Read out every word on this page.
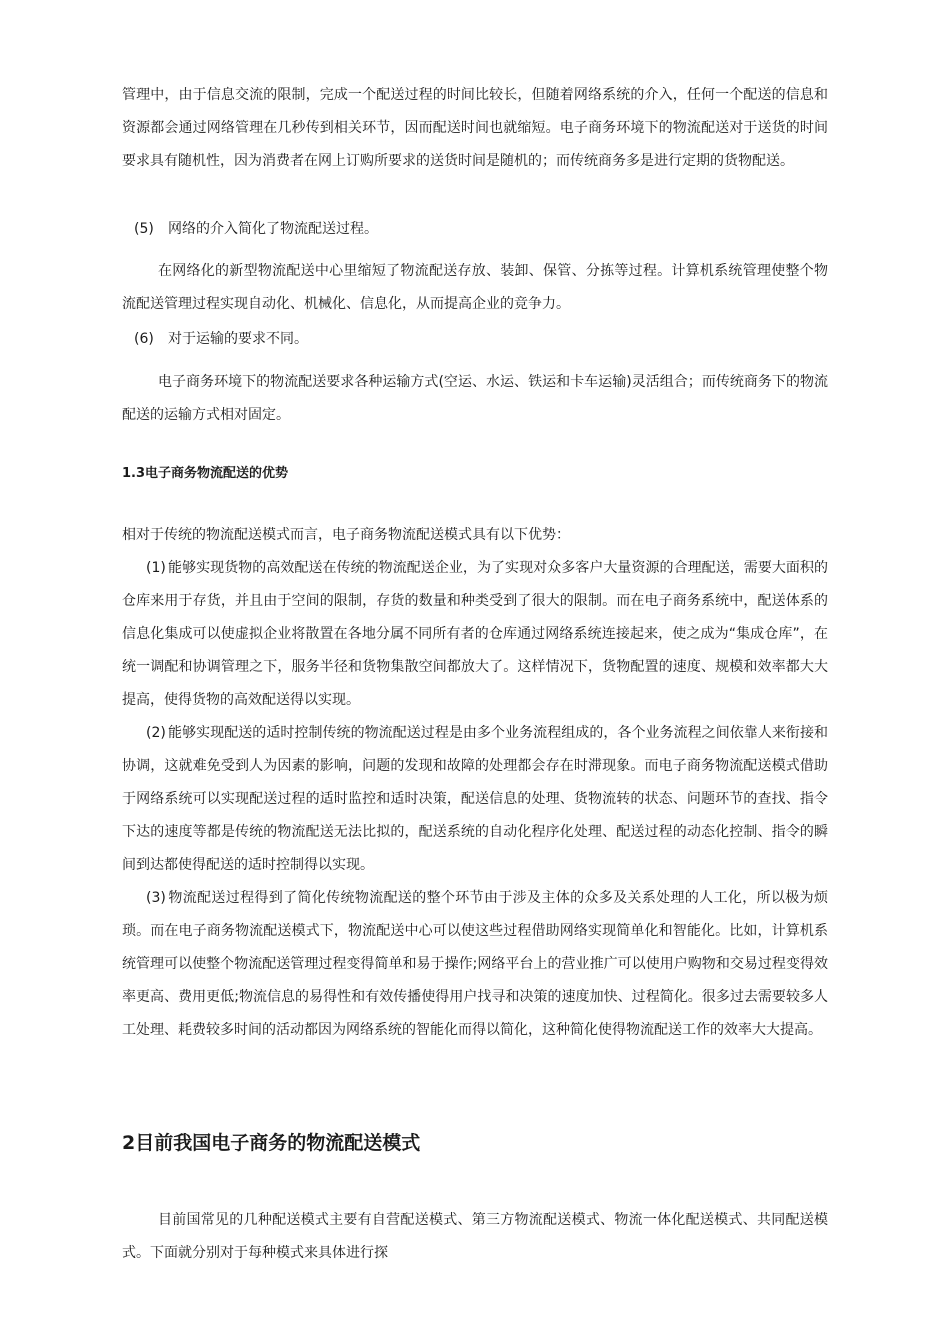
管理中，由于信息交流的限制，完成一个配送过程的时间比较长，但随着网络系统的介入，任何一个配送的信息和资源都会通过网络管理在几秒传到相关环节，因而配送时间也就缩短。电子商务环境下的物流配送对于送货的时间要求具有随机性，因为消费者在网上订购所要求的送货时间是随机的；而传统商务多是进行定期的货物配送。

(5) 网络的介入简化了物流配送过程。

在网络化的新型物流配送中心里缩短了物流配送存放、装卸、保管、分拣等过程。计算机系统管理使整个物流配送管理过程实现自动化、机械化、信息化，从而提高企业的竞争力。

(6) 对于运输的要求不同。

电子商务环境下的物流配送要求各种运输方式(空运、水运、铁运和卡车运输)灵活组合；而传统商务下的物流配送的运输方式相对固定。

1.3电子商务物流配送的优势

相对于传统的物流配送模式而言，电子商务物流配送模式具有以下优势：

(1) 能够实现货物的高效配送在传统的物流配送企业，为了实现对众多客户大量资源的合理配送，需要大面积的仓库来用于存货，并且由于空间的限制，存货的数量和种类受到了很大的限制。而在电子商务系统中，配送体系的信息化集成可以使虚拟企业将散置在各地分属不同所有者的仓库通过网络系统连接起来，使之成为“集成仓库”，在统一调配和协调管理之下，服务半径和货物集散空间都放大了。这样情况下，货物配置的速度、规模和效率都大大提高，使得货物的高效配送得以实现。

(2) 能够实现配送的适时控制传统的物流配送过程是由多个业务流程组成的，各个业务流程之间依靠人来衔接和协调，这就难免受到人为因素的影响，问题的发现和故障的处理都会存在时滞现象。而电子商务物流配送模式借助于网络系统可以实现配送过程的适时监控和适时决策，配送信息的处理、货物流转的状态、问题环节的查找、指令下达的速度等都是传统的物流配送无法比拟的，配送系统的自动化程序化处理、配送过程的动态化控制、指令的瞬间到达都使得配送的适时控制得以实现。

(3) 物流配送过程得到了简化传统物流配送的整个环节由于涉及主体的众多及关系处理的人工化，所以极为烦琐。而在电子商务物流配送模式下，物流配送中心可以使这些过程借助网络实现简单化和智能化。比如，计算机系统管理可以使整个物流配送管理过程变得简单和易于操作;网络平台上的营业推广可以使用户购物和交易过程变得效率更高、费用更低;物流信息的易得性和有效传播使得用户找寻和决策的速度加快、过程简化。很多过去需要较多人工处理、耗费较多时间的活动都因为网络系统的智能化而得以简化，这种简化使得物流配送工作的效率大大提高。

2目前我国电子商务的物流配送模式

目前国常见的几种配送模式主要有自营配送模式、第三方物流配送模式、物流一体化配送模式、共同配送模式。下面就分别对于每种模式来具体进行探
